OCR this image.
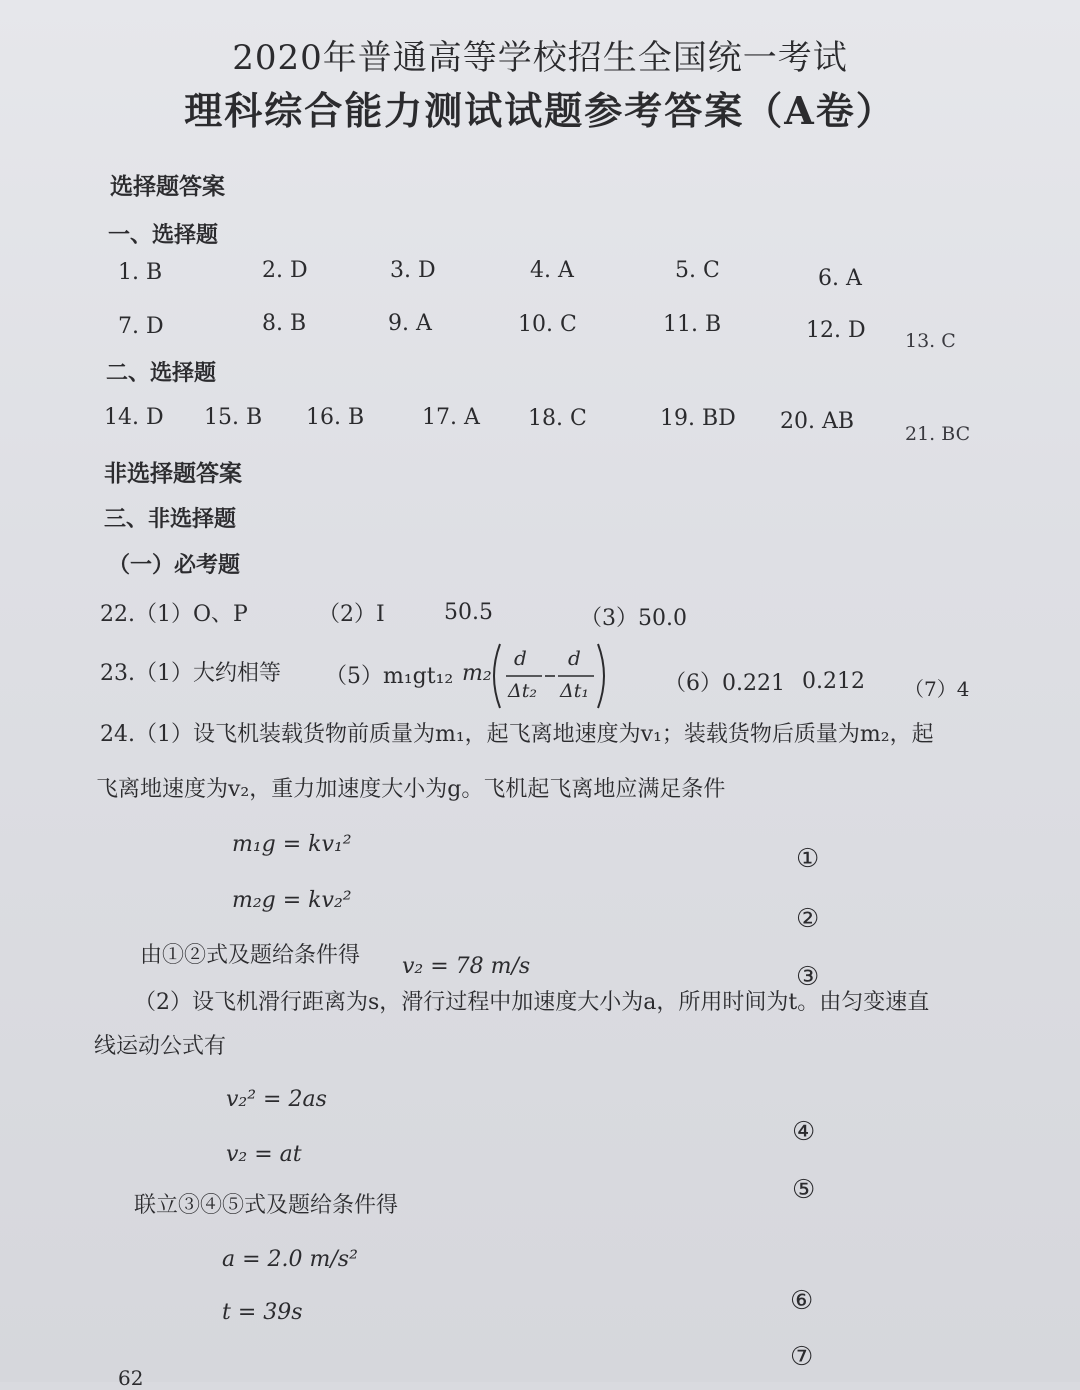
2020年普通高等学校招生全国统一考试
理科综合能力测试试题参考答案（A卷）
选择题答案
一、选择题
1. B	2. D	3. D	4. A	5. C	6. A
7. D	8. B	9. A	10. C	11. B	12. D 13. C
二、选择题
14. D 15. B 16. B	17. A 18. C	19. BD 20. AB	21. BC
非选择题答案
三、非选择题
（一）必考题
22.（1）O、P	（2）I	50.5	（3）50.0
23.（1）大约相等 （5）m₁gt₁₂ m₂
d
Δt₂
d
Δt₁	（6）0.221 0.212 （7）4
24.（1）设飞机装载货物前质量为m₁，起飞离地速度为v₁；装载货物后质量为m₂，起
飞离地速度为v₂，重力加速度大小为g。飞机起飞离地应满足条件
m₁g = kv₁²	①
m₂g = kv₂²
②
由①②式及题给条件得 v₂ = 78 m/s	③
（2）设飞机滑行距离为s，滑行过程中加速度大小为a，所用时间为t。由匀变速直
线运动公式有
v₂² = 2as
④
v₂ = at
⑤
联立③④⑤式及题给条件得
a = 2.0 m/s²
⑥
t = 39s
⑦
62
